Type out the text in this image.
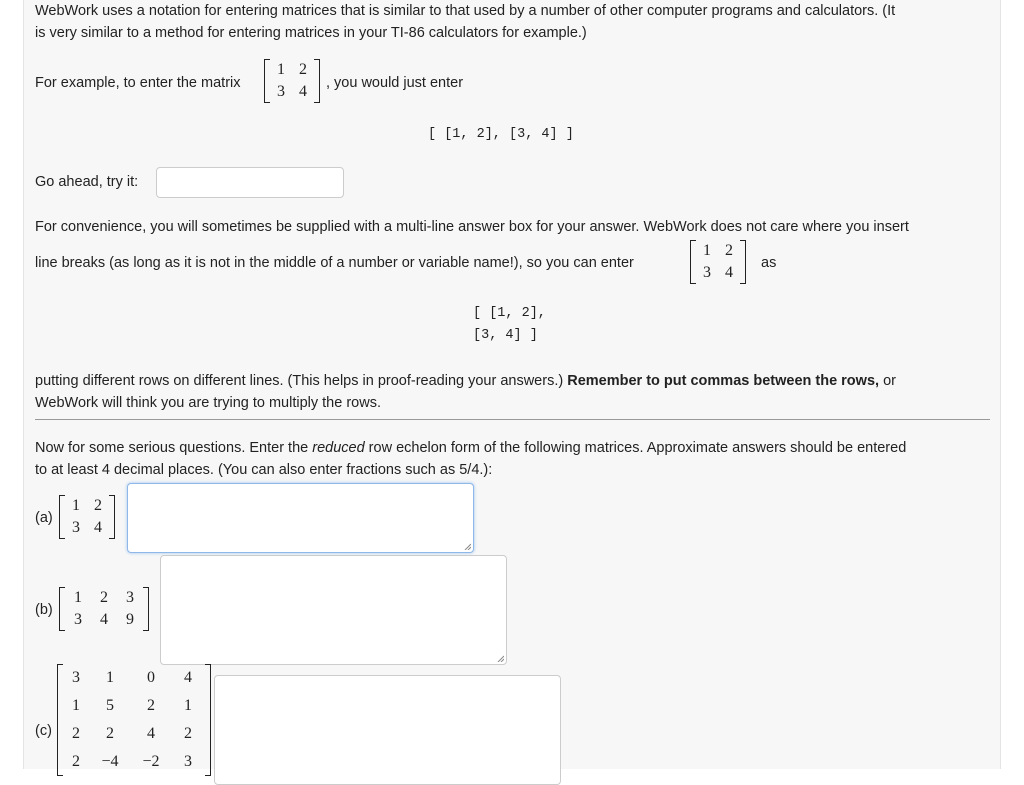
WebWork uses a notation for entering matrices that is similar to that used by a number of other computer programs and calculators. (It
is very similar to a method for entering matrices in your TI-86 calculators for example.)
For example, to enter the matrix
1	2
3	4 , you would just enter
[ [1, 2], [3, 4] ]
Go ahead, try it:
For convenience, you will sometimes be supplied with a multi-line answer box for your answer. WebWork does not care where you insert
line breaks (as long as it is not in the middle of a number or variable name!), so you can enter
1	2
3	4
as
[ [1, 2],
[3, 4] ]
putting different rows on different lines. (This helps in proof-reading your answers.) Remember to put commas between the rows, or
WebWork will think you are trying to multiply the rows.
Now for some serious questions. Enter the reduced row echelon form of the following matrices. Approximate answers should be entered
to at least 4 decimal places. (You can also enter fractions such as 5/4.):
(a)
1	2
3	4
(b)
1	2	3
3	4	9
(c)
3	1	0	4
1	5	2	1
2	2	4	2
2	−4	−2	3
